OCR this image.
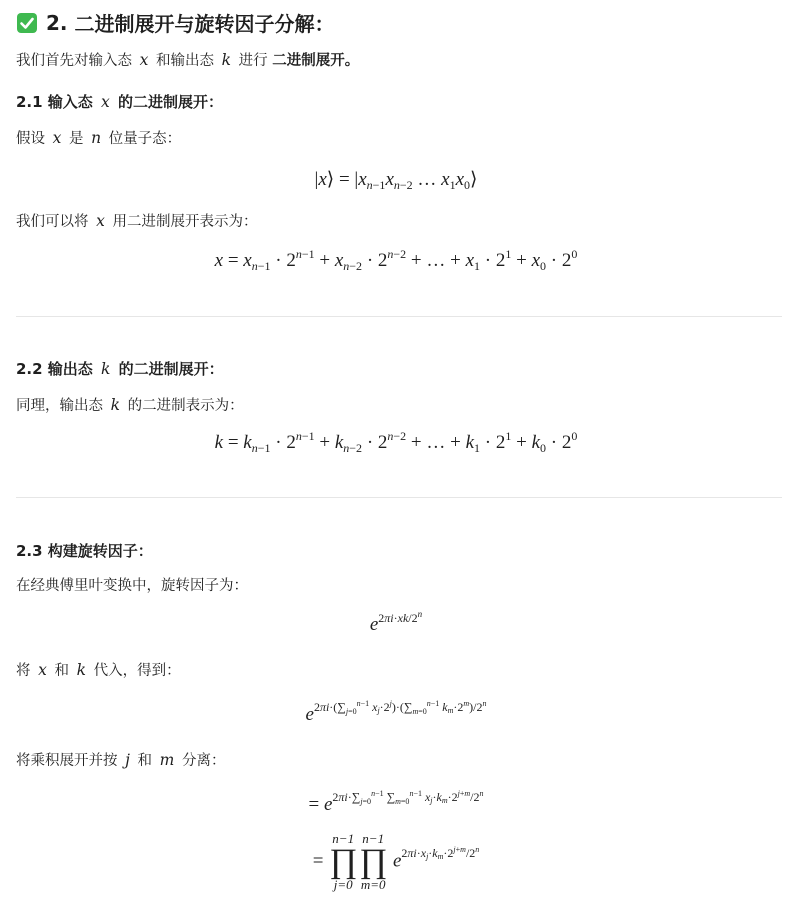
2.
二进制展开与旋转因子分解：
我们首先对输入态 x 和输出态 k 进行 二进制展开。
2.1 输入态 x 的二进制展开：
假设 x 是 n 位量子态：
|x⟩ = $|x_{n-1}x_{n-2}$ … $x_1x_0⟩$
我们可以将 x 用二进制展开表示为：
$x = x_{n-1} \cdot 2^{n-1} + x_{n-2} \cdot 2^{n-2}$ + … + $x_1 \cdot 2^1 + x_0 \cdot 2^0$
2.2 输出态 k 的二进制展开：
同理，输出态 k 的二进制表示为：
$k = k_{n-1} \cdot 2^{n-1} + k_{n-2} \cdot 2^{n-2}$ + … + $k_1 \cdot 2^1 + k_0 \cdot 2^0$
2.3 构建旋转因子：
在经典傅里叶变换中，旋转因子为：
$e^{2\pi i\cdot xk/2^n}$
将 x 和 k 代入，得到：
$e^{2\pi i\cdot(\sum_{j=0}^{n-1} x_j\cdot 2^j)\cdot(\sum_{m=0}^{n-1} k_m\cdot 2^m)/2^n}$
将乘积展开并按 j 和 m 分离：
= $e^{2\pi i\cdot\sum_{j=0}^{n-1} \sum_{m=0}^{n-1} x_j\cdot k_m\cdot 2^{j+m}/2^n}$
=
n−1
∏
j=0
n−1
∏
m=0
$e^{2\pi i\cdot x_j\cdot k_m\cdot 2^{j+m}/2^n}$
